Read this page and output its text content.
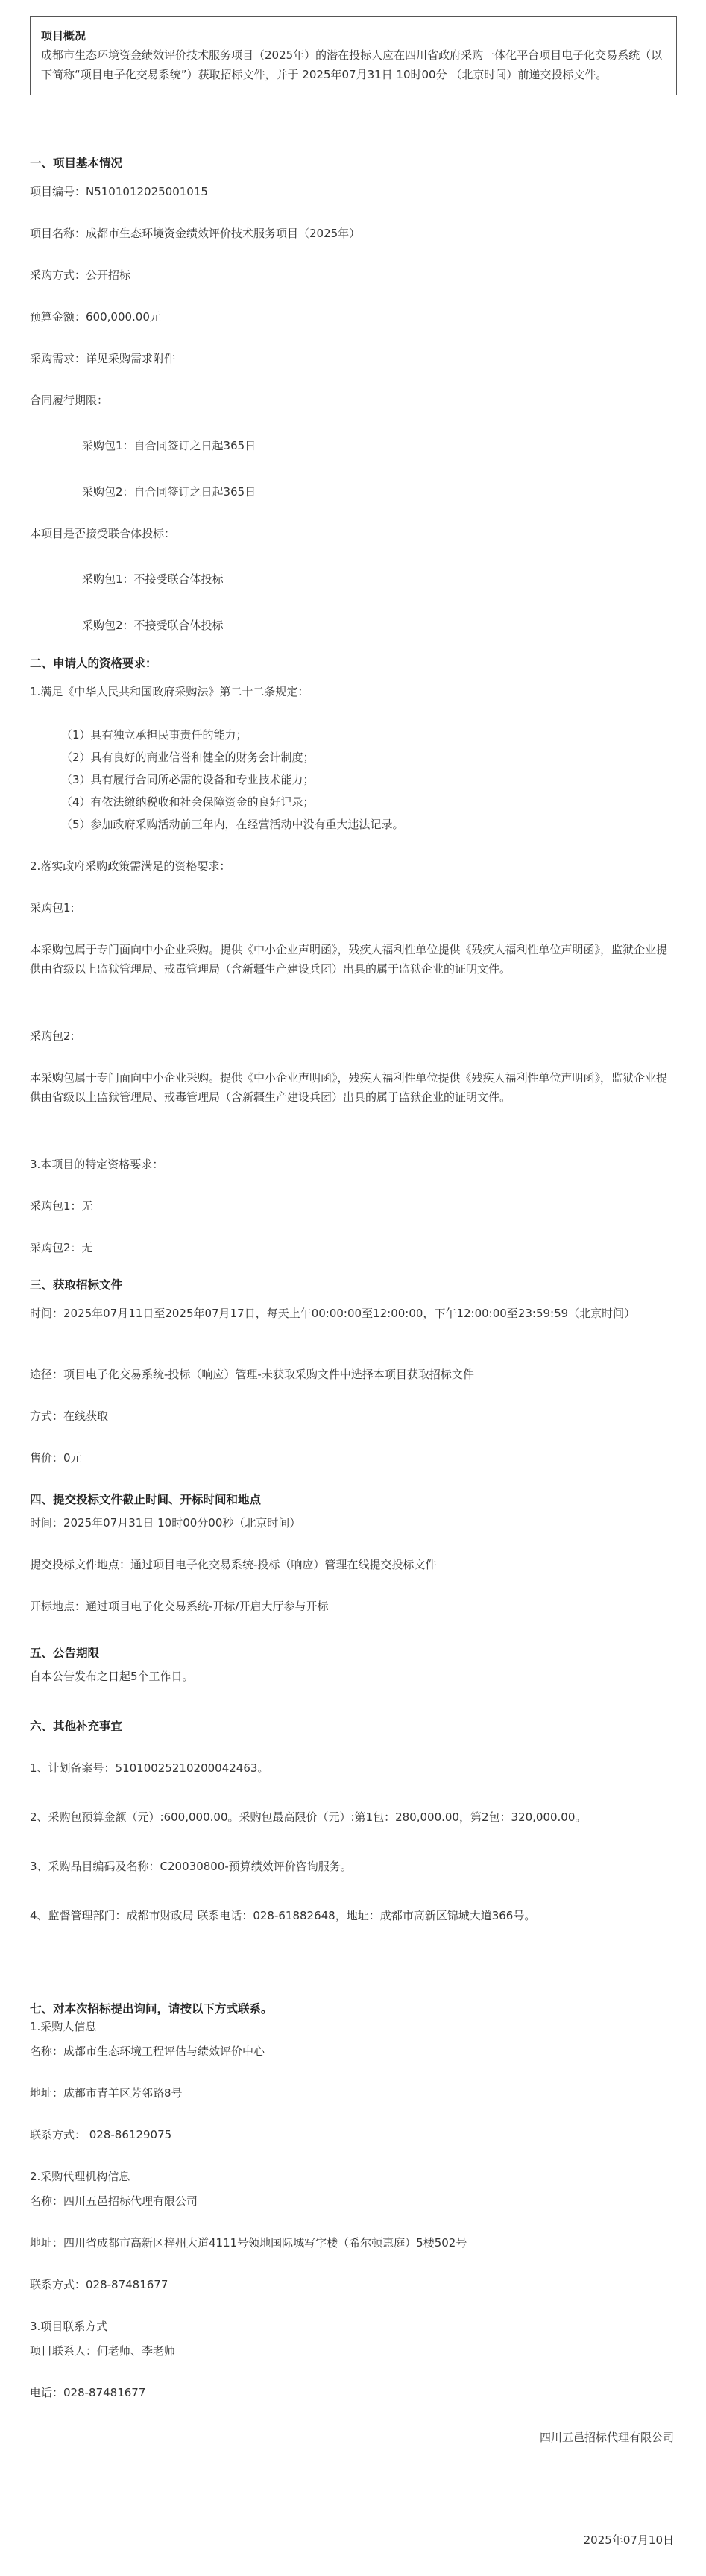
项目概况
成都市生态环境资金绩效评价技术服务项目（2025年）的潜在投标人应在四川省政府采购一体化平台项目电子化交易系统（以下简称“项目电子化交易系统”）获取招标文件，并于 2025年07月31日 10时00分 （北京时间）前递交投标文件。
一、项目基本情况
项目编号：N5101012025001015
项目名称：成都市生态环境资金绩效评价技术服务项目（2025年）
采购方式：公开招标
预算金额：600,000.00元
采购需求：详见采购需求附件
合同履行期限：
采购包1：自合同签订之日起365日
采购包2：自合同签订之日起365日
本项目是否接受联合体投标：
采购包1：不接受联合体投标
采购包2：不接受联合体投标
二、申请人的资格要求：
1.满足《中华人民共和国政府采购法》第二十二条规定：
（1）具有独立承担民事责任的能力；
（2）具有良好的商业信誉和健全的财务会计制度；
（3）具有履行合同所必需的设备和专业技术能力；
（4）有依法缴纳税收和社会保障资金的良好记录；
（5）参加政府采购活动前三年内，在经营活动中没有重大违法记录。
2.落实政府采购政策需满足的资格要求：
采购包1:
本采购包属于专门面向中小企业采购。提供《中小企业声明函》，残疾人福利性单位提供《残疾人福利性单位声明函》，监狱企业提供由省级以上监狱管理局、戒毒管理局（含新疆生产建设兵团）出具的属于监狱企业的证明文件。
采购包2:
本采购包属于专门面向中小企业采购。提供《中小企业声明函》，残疾人福利性单位提供《残疾人福利性单位声明函》，监狱企业提供由省级以上监狱管理局、戒毒管理局（含新疆生产建设兵团）出具的属于监狱企业的证明文件。
3.本项目的特定资格要求：
采购包1：无
采购包2：无
三、获取招标文件
时间：2025年07月11日至2025年07月17日，每天上午00:00:00至12:00:00，下午12:00:00至23:59:59（北京时间）
途径：项目电子化交易系统-投标（响应）管理-未获取采购文件中选择本项目获取招标文件
方式：在线获取
售价：0元
四、提交投标文件截止时间、开标时间和地点
时间：2025年07月31日 10时00分00秒（北京时间）
提交投标文件地点：通过项目电子化交易系统-投标（响应）管理在线提交投标文件
开标地点：通过项目电子化交易系统-开标/开启大厅参与开标
五、公告期限
自本公告发布之日起5个工作日。
六、其他补充事宜
1、计划备案号：51010025210200042463。
2、采购包预算金额（元）:600,000.00。采购包最高限价（元）:第1包：280,000.00，第2包：320,000.00。
3、采购品目编码及名称：C20030800-预算绩效评价咨询服务。
4、监督管理部门：成都市财政局 联系电话：028-61882648，地址：成都市高新区锦城大道366号。
七、对本次招标提出询问，请按以下方式联系。
1.采购人信息
名称：成都市生态环境工程评估与绩效评价中心
地址：成都市青羊区芳邻路8号
联系方式： 028-86129075
2.采购代理机构信息
名称：四川五邑招标代理有限公司
地址：四川省成都市高新区梓州大道4111号领地国际城写字楼（希尔顿惠庭）5楼502号
联系方式：028-87481677
3.项目联系方式
项目联系人：何老师、李老师
电话：028-87481677
四川五邑招标代理有限公司
2025年07月10日
